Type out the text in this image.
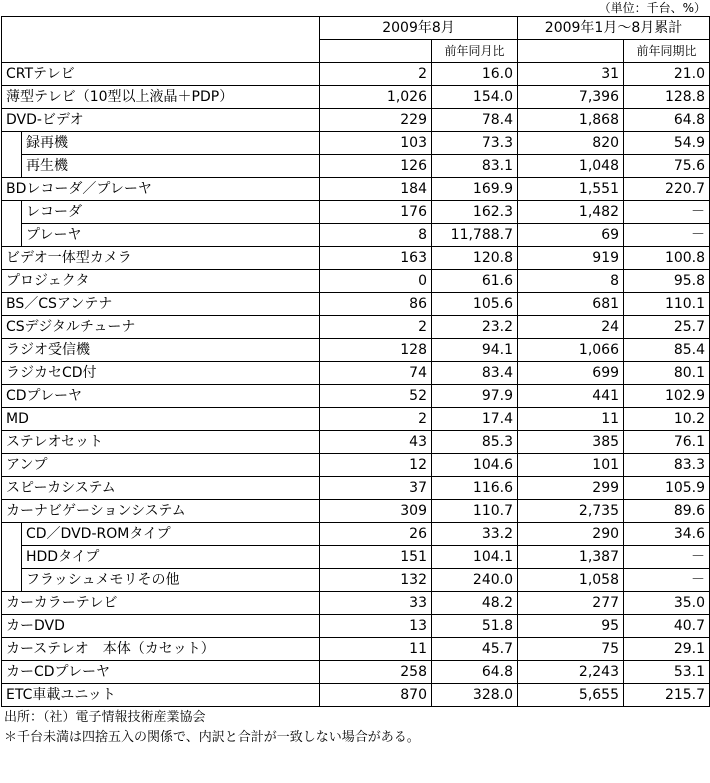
（単位：千台、%）
		2009年8月		2009年1月～8月累計	
			前年同月比		前年同期比
CRTテレビ		2	16.0	31	21.0
薄型テレビ（10型以上液晶＋PDP）		1,026	154.0	7,396	128.8
DVD-ビデオ		229	78.4	1,868	64.8
	録再機	103	73.3	820	54.9
	再生機	126	83.1	1,048	75.6
BDレコーダ／プレーヤ		184	169.9	1,551	220.7
	レコーダ	176	162.3	1,482	－
	プレーヤ	8	11,788.7	69	－
ビデオ一体型カメラ		163	120.8	919	100.8
プロジェクタ		0	61.6	8	95.8
BS／CSアンテナ		86	105.6	681	110.1
CSデジタルチューナ		2	23.2	24	25.7
ラジオ受信機		128	94.1	1,066	85.4
ラジカセCD付		74	83.4	699	80.1
CDプレーヤ		52	97.9	441	102.9
MD		2	17.4	11	10.2
ステレオセット		43	85.3	385	76.1
アンプ		12	104.6	101	83.3
スピーカシステム		37	116.6	299	105.9
カーナビゲーションシステム		309	110.7	2,735	89.6
	CD／DVD-ROMタイプ	26	33.2	290	34.6
	HDDタイプ	151	104.1	1,387	－
	フラッシュメモリその他	132	240.0	1,058	－
カーカラーテレビ		33	48.2	277	35.0
カーDVD		13	51.8	95	40.7
カーステレオ　本体（カセット）		11	45.7	75	29.1
カーCDプレーヤ		258	64.8	2,243	53.1
ETC車載ユニット		870	328.0	5,655	215.7
出所：（社）電子情報技術産業協会
＊千台未満は四捨五入の関係で、内訳と合計が一致しない場合がある。
